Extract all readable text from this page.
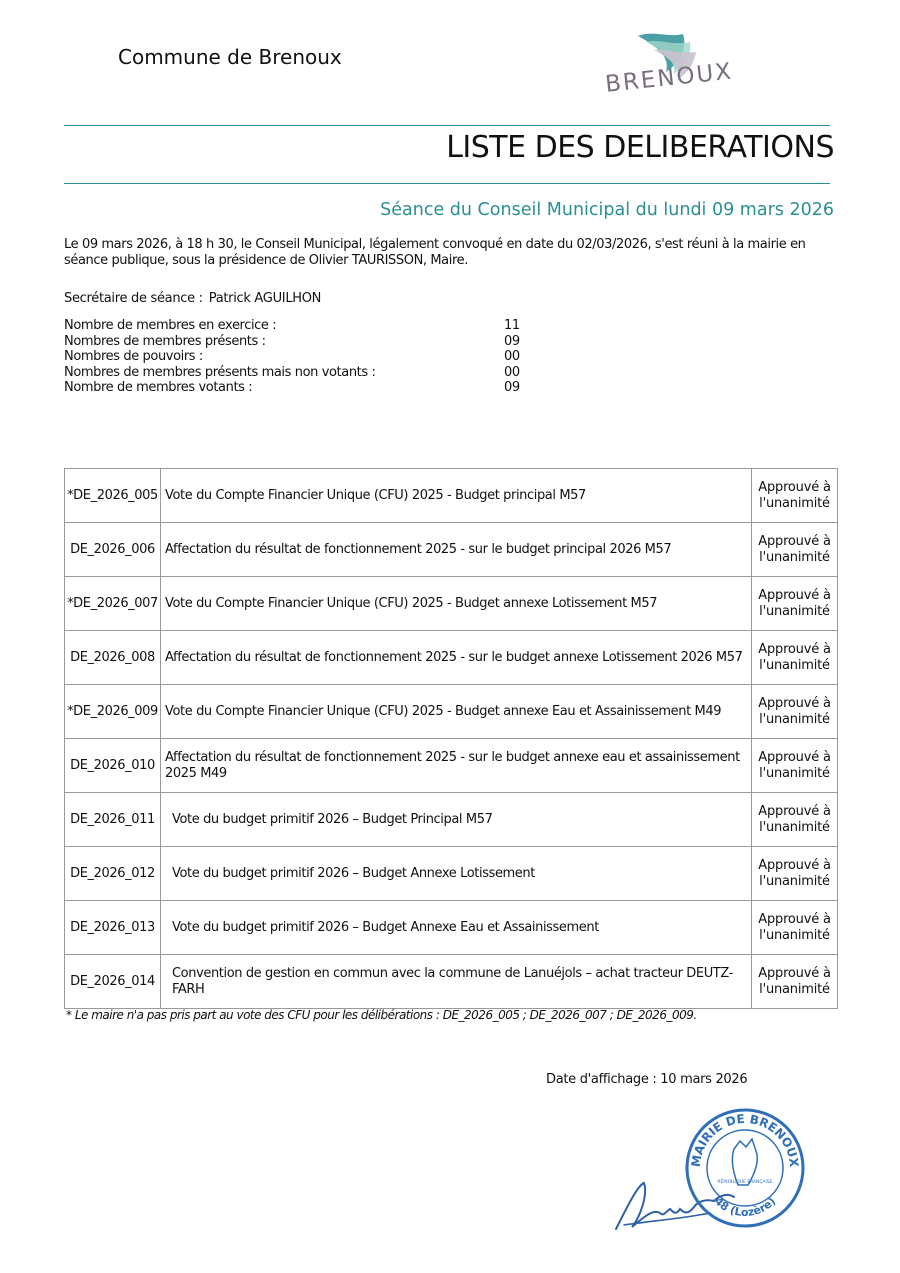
Commune de Brenoux
BRENOUX
LISTE DES DELIBERATIONS
Séance du Conseil Municipal du lundi 09 mars 2026
Le 09 mars 2026, à 18 h 30, le Conseil Municipal, légalement convoqué en date du 02/03/2026, s'est réuni à la mairie en séance publique, sous la présidence de Olivier TAURISSON, Maire.
Secrétaire de séance : Patrick AGUILHON
Nombre de membres en exercice :	11
Nombres de membres présents :	09
Nombres de pouvoirs :	00
Nombres de membres présents mais non votants :	00
Nombre de membres votants :	09
*DE_2026_005	Vote du Compte Financier Unique (CFU) 2025 - Budget principal M57	Approuvé à l'unanimité
DE_2026_006	Affectation du résultat de fonctionnement 2025 - sur le budget principal 2026 M57	Approuvé à l'unanimité
*DE_2026_007	Vote du Compte Financier Unique (CFU) 2025 - Budget annexe Lotissement M57	Approuvé à l'unanimité
DE_2026_008	Affectation du résultat de fonctionnement 2025 - sur le budget annexe Lotissement 2026 M57	Approuvé à l'unanimité
*DE_2026_009	Vote du Compte Financier Unique (CFU) 2025 - Budget annexe Eau et Assainissement M49	Approuvé à l'unanimité
DE_2026_010	Affectation du résultat de fonctionnement 2025 - sur le budget annexe eau et assainissement 2025 M49	Approuvé à l'unanimité
DE_2026_011	Vote du budget primitif 2026 – Budget Principal M57	Approuvé à l'unanimité
DE_2026_012	Vote du budget primitif 2026 – Budget Annexe Lotissement	Approuvé à l'unanimité
DE_2026_013	Vote du budget primitif 2026 – Budget Annexe Eau et Assainissement	Approuvé à l'unanimité
DE_2026_014	Convention de gestion en commun avec la commune de Lanuéjols – achat tracteur DEUTZ-FARH	Approuvé à l'unanimité
* Le maire n'a pas pris part au vote des CFU pour les délibérations : DE_2026_005 ; DE_2026_007 ; DE_2026_009.
Date d'affichage : 10 mars 2026
MAIRIE DE BRENOUX
48 (Lozère)
RÉPUBLIQUE FRANÇAISE
